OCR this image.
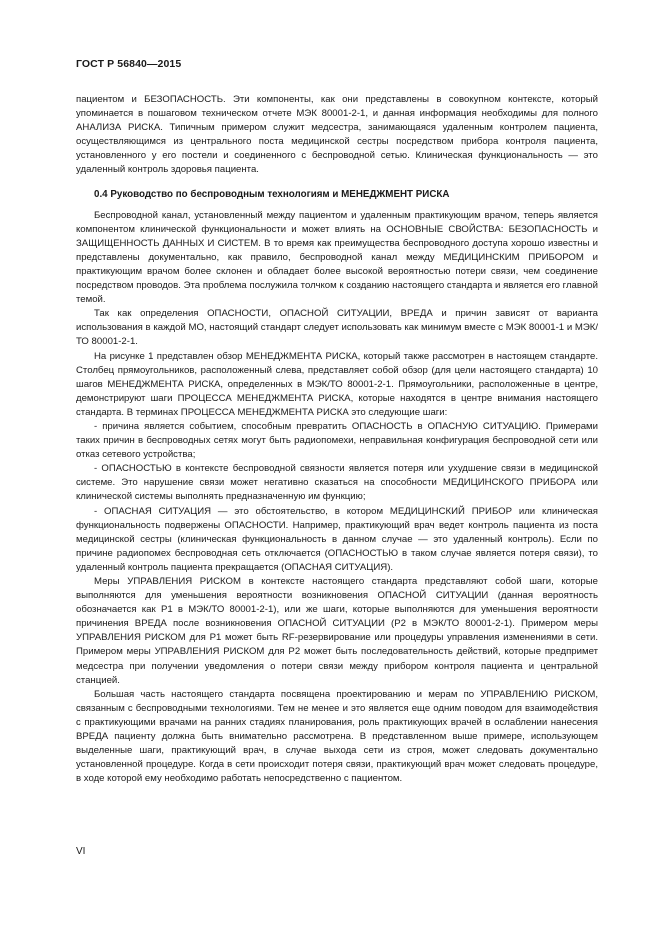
ГОСТ Р 56840—2015

пациентом и БЕЗОПАСНОСТЬ. Эти компоненты, как они представлены в совокупном контексте, который упоминается в пошаговом техническом отчете МЭК 80001-2-1, и данная информация необходимы для полного АНАЛИЗА РИСКА. Типичным примером служит медсестра, занимающаяся удаленным контролем пациента, осуществляющимся из центрального поста медицинской сестры посредством прибора контроля пациента, установленного у его постели и соединенного с беспроводной сетью. Клиническая функциональность — это удаленный контроль здоровья пациента.

0.4 Руководство по беспроводным технологиям и МЕНЕДЖМЕНТ РИСКА

Беспроводной канал, установленный между пациентом и удаленным практикующим врачом, теперь является компонентом клинической функциональности и может влиять на ОСНОВНЫЕ СВОЙСТВА: БЕЗОПАСНОСТЬ и ЗАЩИЩЕННОСТЬ ДАННЫХ И СИСТЕМ. В то время как преимущества беспроводного доступа хорошо известны и представлены документально, как правило, беспроводной канал между МЕДИЦИНСКИМ ПРИБОРОМ и практикующим врачом более склонен и обладает более высокой вероятностью потери связи, чем соединение посредством проводов. Эта проблема послужила толчком к созданию настоящего стандарта и является его главной темой.

Так как определения ОПАСНОСТИ, ОПАСНОЙ СИТУАЦИИ, ВРЕДА и причин зависят от варианта использования в каждой МО, настоящий стандарт следует использовать как минимум вместе с МЭК 80001-1 и МЭК/ТО 80001-2-1.

На рисунке 1 представлен обзор МЕНЕДЖМЕНТА РИСКА, который также рассмотрен в настоящем стандарте. Столбец прямоугольников, расположенный слева, представляет собой обзор (для цели настоящего стандарта) 10 шагов МЕНЕДЖМЕНТА РИСКА, определенных в МЭК/ТО 80001-2-1. Прямоугольники, расположенные в центре, демонстрируют шаги ПРОЦЕССА МЕНЕДЖМЕНТА РИСКА, которые находятся в центре внимания настоящего стандарта. В терминах ПРОЦЕССА МЕНЕДЖМЕНТА РИСКА это следующие шаги:

- причина является событием, способным превратить ОПАСНОСТЬ в ОПАСНУЮ СИТУАЦИЮ. Примерами таких причин в беспроводных сетях могут быть радиопомехи, неправильная конфигурация беспроводной сети или отказ сетевого устройства;

- ОПАСНОСТЬЮ в контексте беспроводной связности является потеря или ухудшение связи в медицинской системе. Это нарушение связи может негативно сказаться на способности МЕДИЦИНСКОГО ПРИБОРА или клинической системы выполнять предназначенную им функцию;

- ОПАСНАЯ СИТУАЦИЯ — это обстоятельство, в котором МЕДИЦИНСКИЙ ПРИБОР или клиническая функциональность подвержены ОПАСНОСТИ. Например, практикующий врач ведет контроль пациента из поста медицинской сестры (клиническая функциональность в данном случае — это удаленный контроль). Если по причине радиопомех беспроводная сеть отключается (ОПАСНОСТЬЮ в таком случае является потеря связи), то удаленный контроль пациента прекращается (ОПАСНАЯ СИТУАЦИЯ).

Меры УПРАВЛЕНИЯ РИСКОМ в контексте настоящего стандарта представляют собой шаги, которые выполняются для уменьшения вероятности возникновения ОПАСНОЙ СИТУАЦИИ (данная вероятность обозначается как Р1 в МЭК/ТО 80001-2-1), или же шаги, которые выполняются для уменьшения вероятности причинения ВРЕДА после возникновения ОПАСНОЙ СИТУАЦИИ (Р2 в МЭК/ТО 80001-2-1). Примером меры УПРАВЛЕНИЯ РИСКОМ для Р1 может быть RF-резервирование или процедуры управления изменениями в сети. Примером меры УПРАВЛЕНИЯ РИСКОМ для Р2 может быть последовательность действий, которые предпримет медсестра при получении уведомления о потери связи между прибором контроля пациента и центральной станцией.

Большая часть настоящего стандарта посвящена проектированию и мерам по УПРАВЛЕНИЮ РИСКОМ, связанным с беспроводными технологиями. Тем не менее и это является еще одним поводом для взаимодействия с практикующими врачами на ранних стадиях планирования, роль практикующих врачей в ослаблении нанесения ВРЕДА пациенту должна быть внимательно рассмотрена. В представленном выше примере, использующем выделенные шаги, практикующий врач, в случае выхода сети из строя, может следовать документально установленной процедуре. Когда в сети происходит потеря связи, практикующий врач может следовать процедуре, в ходе которой ему необходимо работать непосредственно с пациентом.

VI
